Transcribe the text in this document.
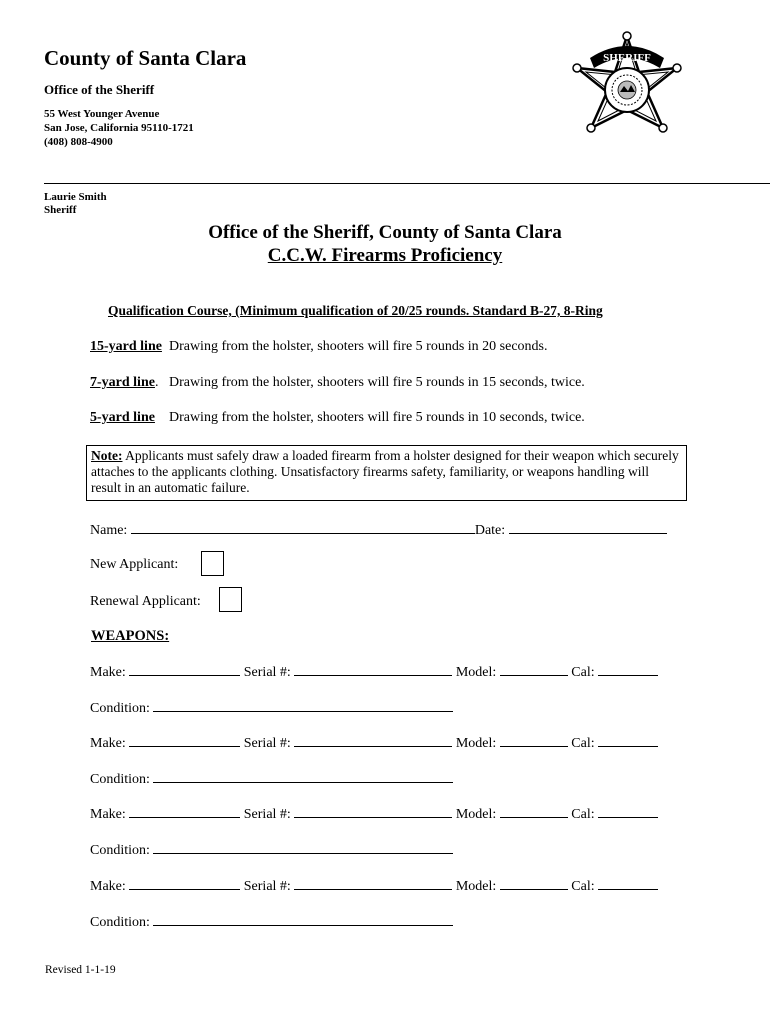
County of Santa Clara
Office of the Sheriff
55 West Younger Avenue
San Jose, California 95110-1721
(408) 808-4900
SHERIFF
Laurie Smith
Sheriff
Office of the Sheriff, County of Santa Clara
C.C.W. Firearms Proficiency
Qualification Course, (Minimum qualification of 20/25 rounds. Standard B-27, 8-Ring
15-yard line Drawing from the holster, shooters will fire 5 rounds in 20 seconds.
7-yard line. Drawing from the holster, shooters will fire 5 rounds in 15 seconds, twice.
5-yard line Drawing from the holster, shooters will fire 5 rounds in 10 seconds, twice.
Note: Applicants must safely draw a loaded firearm from a holster designed for their weapon which securely attaches to the applicants clothing. Unsatisfactory firearms safety, familiarity, or weapons handling will result in an automatic failure.
Name:	Date:
New Applicant:
Renewal Applicant:
WEAPONS:
Make:	Serial #:	Model:	Cal:
Condition:
Make:	Serial #:	Model:	Cal:
Condition:
Make:	Serial #:	Model:	Cal:
Condition:
Make:	Serial #:	Model:	Cal:
Condition:
Revised 1-1-19
